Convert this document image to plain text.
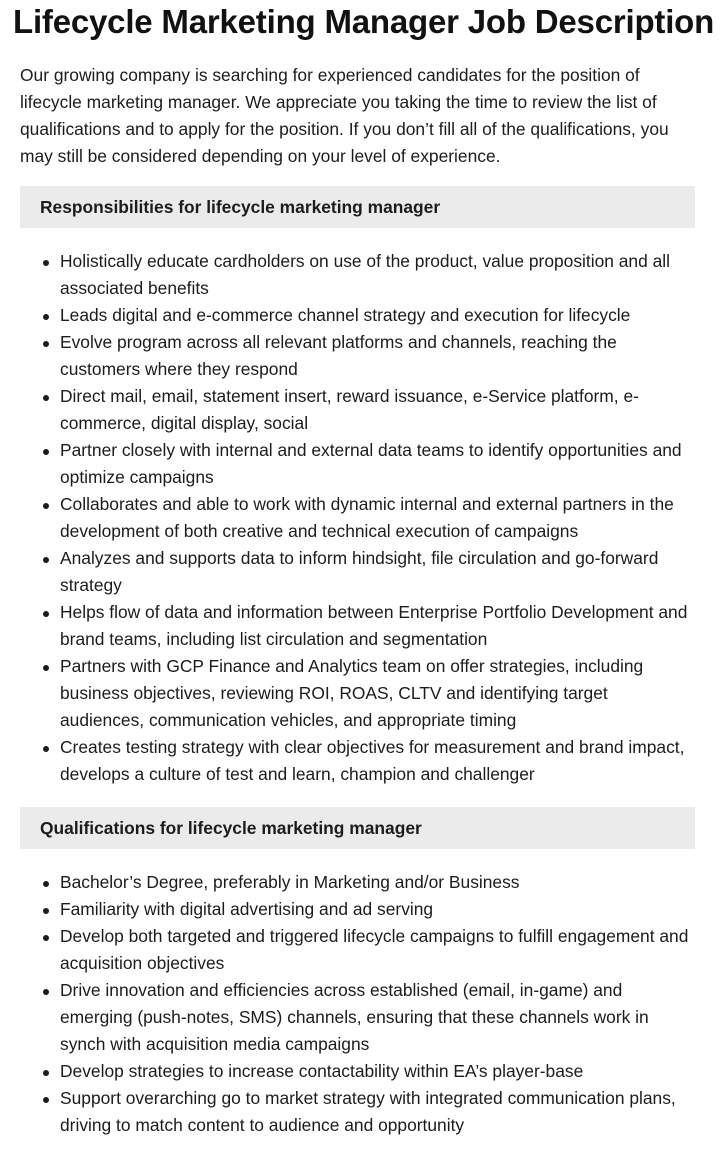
Lifecycle Marketing Manager Job Description

Our growing company is searching for experienced candidates for the position of lifecycle marketing manager. We appreciate you taking the time to review the list of qualifications and to apply for the position. If you don’t fill all of the qualifications, you may still be considered depending on your level of experience.

Responsibilities for lifecycle marketing manager
Holistically educate cardholders on use of the product, value proposition and all associated benefits
Leads digital and e-commerce channel strategy and execution for lifecycle
Evolve program across all relevant platforms and channels, reaching the customers where they respond
Direct mail, email, statement insert, reward issuance, e-Service platform, e-commerce, digital display, social
Partner closely with internal and external data teams to identify opportunities and optimize campaigns
Collaborates and able to work with dynamic internal and external partners in the development of both creative and technical execution of campaigns
Analyzes and supports data to inform hindsight, file circulation and go-forward strategy
Helps flow of data and information between Enterprise Portfolio Development and brand teams, including list circulation and segmentation
Partners with GCP Finance and Analytics team on offer strategies, including business objectives, reviewing ROI, ROAS, CLTV and identifying target audiences, communication vehicles, and appropriate timing
Creates testing strategy with clear objectives for measurement and brand impact, develops a culture of test and learn, champion and challenger
Qualifications for lifecycle marketing manager
Bachelor’s Degree, preferably in Marketing and/or Business
Familiarity with digital advertising and ad serving
Develop both targeted and triggered lifecycle campaigns to fulfill engagement and acquisition objectives
Drive innovation and efficiencies across established (email, in-game) and emerging (push-notes, SMS) channels, ensuring that these channels work in synch with acquisition media campaigns
Develop strategies to increase contactability within EA’s player-base
Support overarching go to market strategy with integrated communication plans, driving to match content to audience and opportunity
